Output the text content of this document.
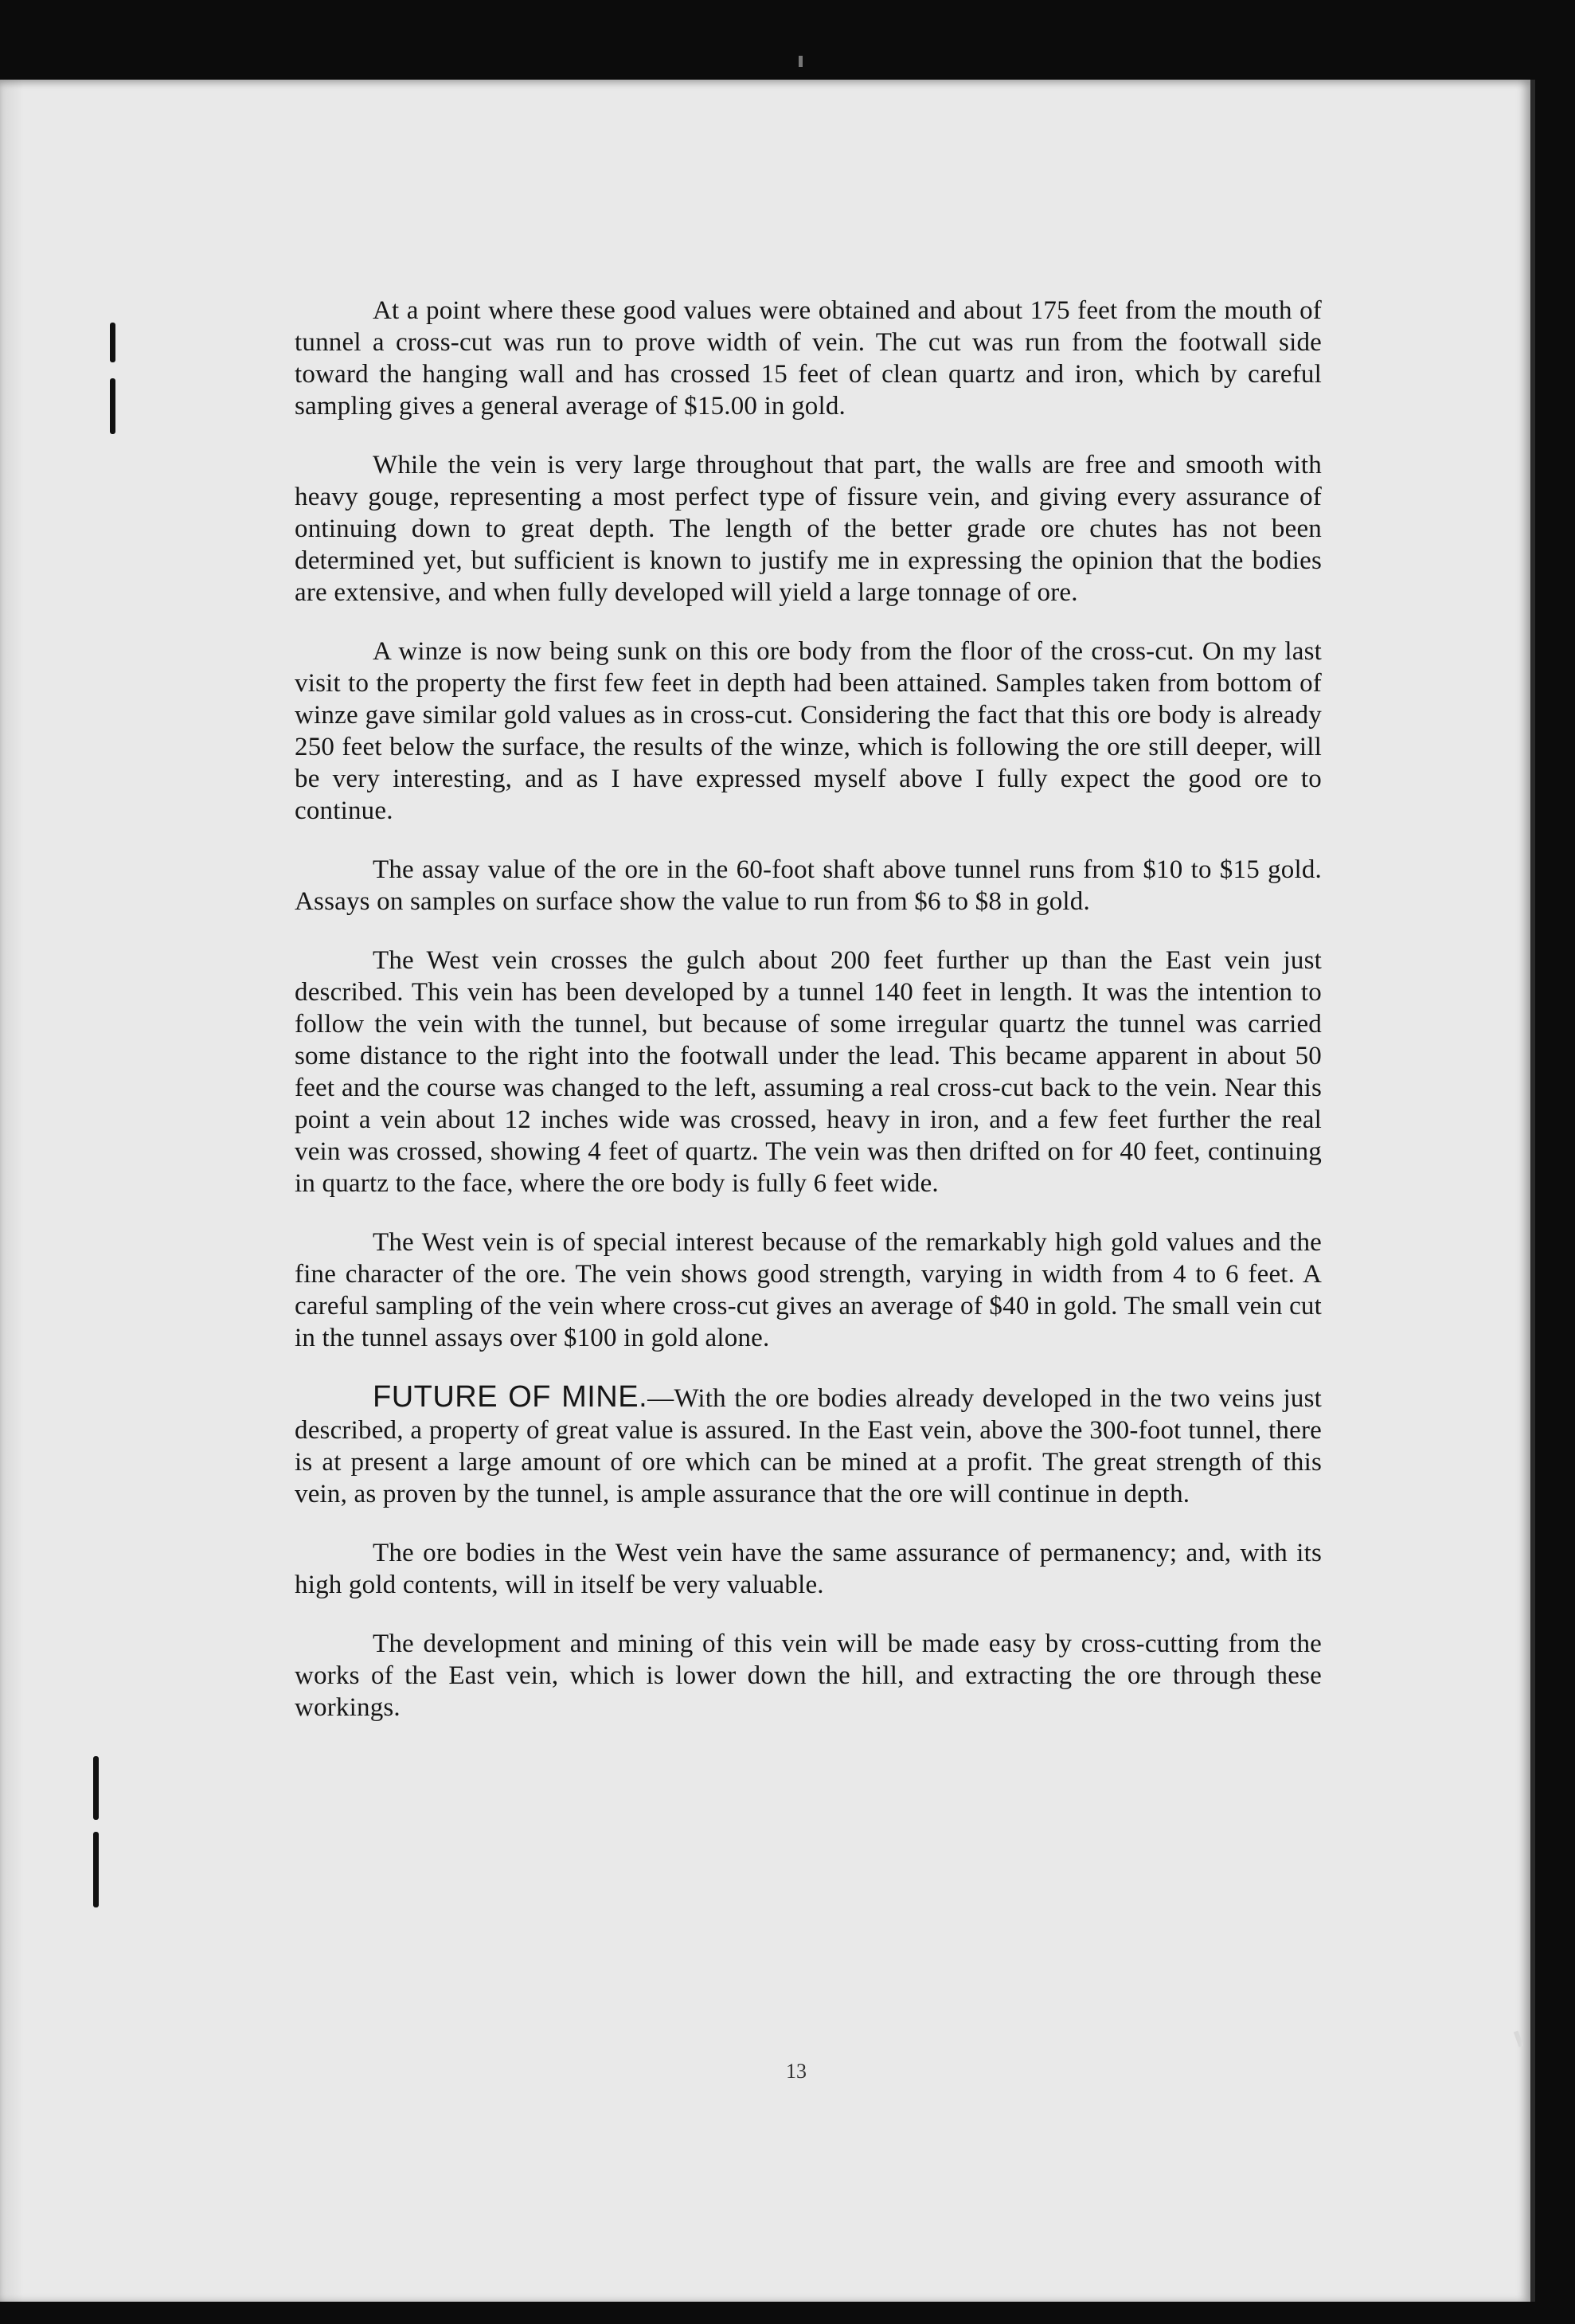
At a point where these good values were obtained and about 175 feet from the mouth of tunnel a cross-cut was run to prove width of vein. The cut was run from the footwall side toward the hanging wall and has crossed 15 feet of clean quartz and iron, which by careful sampling gives a general average of $15.00 in gold.

While the vein is very large throughout that part, the walls are free and smooth with heavy gouge, representing a most perfect type of fissure vein, and giving every assurance of ontinuing down to great depth. The length of the better grade ore chutes has not been determined yet, but sufficient is known to justify me in expressing the opinion that the bodies are extensive, and when fully developed will yield a large tonnage of ore.

A winze is now being sunk on this ore body from the floor of the cross-cut. On my last visit to the property the first few feet in depth had been attained. Samples taken from bottom of winze gave similar gold values as in cross-cut. Considering the fact that this ore body is already 250 feet below the surface, the results of the winze, which is following the ore still deeper, will be very interesting, and as I have expressed myself above I fully expect the good ore to continue.

The assay value of the ore in the 60-foot shaft above tunnel runs from $10 to $15 gold. Assays on samples on surface show the value to run from $6 to $8 in gold.

The West vein crosses the gulch about 200 feet further up than the East vein just described. This vein has been developed by a tunnel 140 feet in length. It was the intention to follow the vein with the tunnel, but because of some irregular quartz the tunnel was carried some distance to the right into the footwall under the lead. This became apparent in about 50 feet and the course was changed to the left, assuming a real cross-cut back to the vein. Near this point a vein about 12 inches wide was crossed, heavy in iron, and a few feet further the real vein was crossed, showing 4 feet of quartz. The vein was then drifted on for 40 feet, continuing in quartz to the face, where the ore body is fully 6 feet wide.

The West vein is of special interest because of the remarkably high gold values and the fine character of the ore. The vein shows good strength, varying in width from 4 to 6 feet. A careful sampling of the vein where cross-cut gives an average of $40 in gold. The small vein cut in the tunnel assays over $100 in gold alone.

FUTURE OF MINE.—With the ore bodies already developed in the two veins just described, a property of great value is assured. In the East vein, above the 300-foot tunnel, there is at present a large amount of ore which can be mined at a profit. The great strength of this vein, as proven by the tunnel, is ample assurance that the ore will continue in depth.

The ore bodies in the West vein have the same assurance of permanency; and, with its high gold contents, will in itself be very valuable.

The development and mining of this vein will be made easy by cross-cutting from the works of the East vein, which is lower down the hill, and extracting the ore through these workings.

13
